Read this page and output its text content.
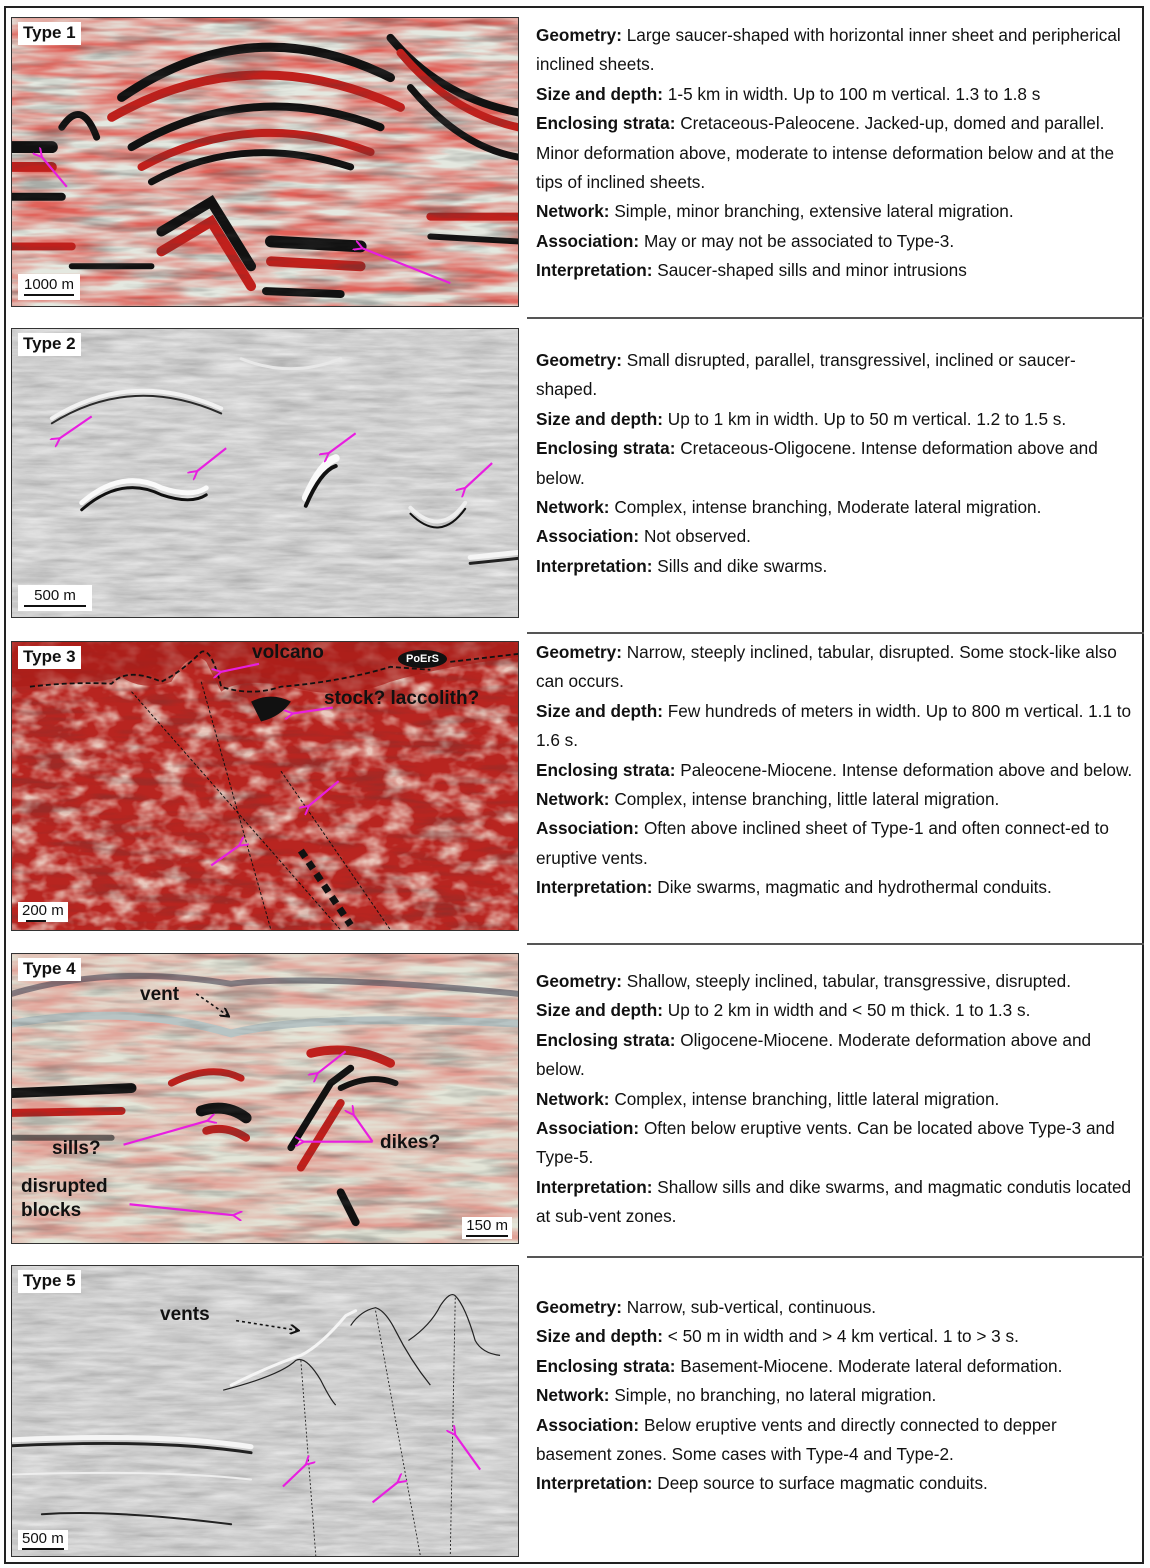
Type 1
1000 m

Geometry: Large saucer-shaped with horizontal inner sheet and peripherical inclined sheets.

Size and depth: 1-5 km in width. Up to 100 m vertical. 1.3 to 1.8 s

Enclosing strata: Cretaceous-Paleocene. Jacked-up, domed and parallel. Minor deformation above, moderate to intense deformation below and at the tips of inclined sheets.

Network: Simple, minor branching, extensive lateral migration.

Association: May or may not be associated to Type-3.

Interpretation: Saucer-shaped sills and minor intrusions

Type 2
500 m

Geometry: Small disrupted, parallel, transgressivel, inclined or saucer-shaped.

Size and depth: Up to 1 km in width. Up to 50 m vertical. 1.2 to 1.5 s.

Enclosing strata: Cretaceous-Oligocene. Intense deformation above and below.

Network: Complex, intense branching, Moderate lateral migration.

Association: Not observed.

Interpretation: Sills and dike swarms.

Type 3	volcano	PoErS
stock? laccolith?
200 m

Geometry: Narrow, steeply inclined, tabular, disrupted. Some stock-like also can occurs.

Size and depth: Few hundreds of meters in width. Up to 800 m vertical. 1.1 to 1.6 s.

Enclosing strata: Paleocene-Miocene. Intense deformation above and below.

Network: Complex, intense branching, little lateral migration.

Association: Often above inclined sheet of Type-1 and often connect-ed to eruptive vents.

Interpretation: Dike swarms, magmatic and hydrothermal conduits.

Type 4
vent
sills?	dikes?
disrupted
blocks
150 m

Geometry: Shallow, steeply inclined, tabular, transgressive, disrupted.

Size and depth: Up to 2 km in width and < 50 m thick. 1 to 1.3 s.

Enclosing strata: Oligocene-Miocene. Moderate deformation above and below.

Network: Complex, intense branching, little lateral migration.

Association: Often below eruptive vents. Can be located above Type-3 and Type-5.

Interpretation: Shallow sills and dike swarms, and magmatic condutis located at sub-vent zones.

Type 5
vents
500 m

Geometry: Narrow, sub-vertical, continuous.

Size and depth: < 50 m in width and > 4 km vertical. 1 to > 3 s.

Enclosing strata: Basement-Miocene. Moderate lateral deformation.

Network: Simple, no branching, no lateral migration.

Association: Below eruptive vents and directly connected to depper basement zones. Some cases with Type-4 and Type-2.

Interpretation: Deep source to surface magmatic conduits.
